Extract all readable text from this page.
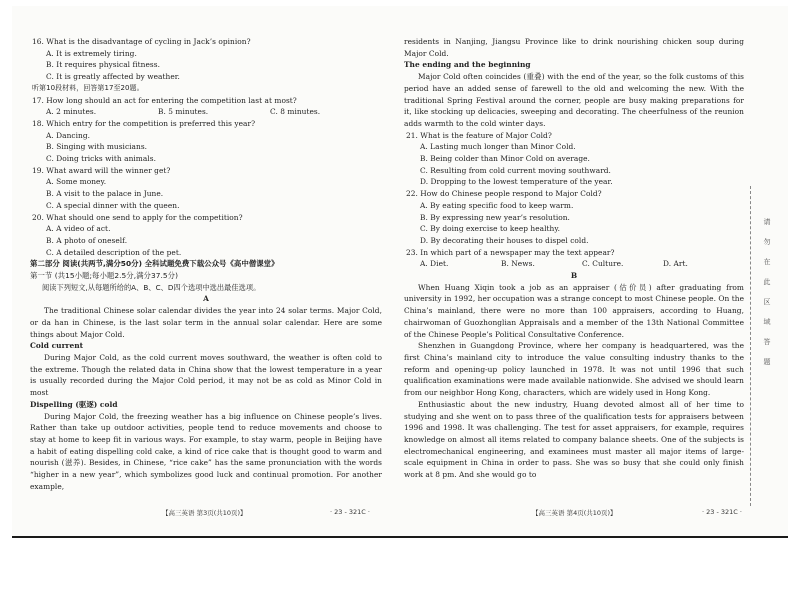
16. What is the disadvantage of cycling in Jack’s opinion?

A. It is extremely tiring.

B. It requires physical fitness.

C. It is greatly affected by weather.

听第10段材料，回答第17至20题。

17. How long should an act for entering the competition last at most?

A. 2 minutes.	B. 5 minutes.	C. 8 minutes.

18. Which entry for the competition is preferred this year?

A. Dancing.

B. Singing with musicians.

C. Doing tricks with animals.

19. What award will the winner get?

A. Some money.

B. A visit to the palace in June.

C. A special dinner with the queen.

20. What should one send to apply for the competition?

A. A video of act.

B. A photo of oneself.

C. A detailed description of the pet.

第二部分 阅读(共两节,满分50分) 全科试题免费下载公众号《高中僧课堂》

第一节 (共15小题;每小题2.5分,满分37.5分)

阅读下列短文,从每题所给的A、B、C、D四个选项中选出最佳选项。

A

The traditional Chinese solar calendar divides the year into 24 solar terms. Major Cold, or da han in Chinese, is the last solar term in the annual solar calendar. Here are some things about Major Cold.

Cold current

During Major Cold, as the cold current moves southward, the weather is often cold to the extreme. Though the related data in China show that the lowest temperature in a year is usually recorded during the Major Cold period, it may not be as cold as Minor Cold in most

Dispelling (驱逐) cold

During Major Cold, the freezing weather has a big influence on Chinese people’s lives. Rather than take up outdoor activities, people tend to reduce movements and choose to stay at home to keep fit in various ways. For example, to stay warm, people in Beijing have a habit of eating dispelling cold cake, a kind of rice cake that is thought good to warm and nourish (滋养). Besides, in Chinese, “rice cake” has the same pronunciation with the words “higher in a new year”, which symbolizes good luck and continual promotion. For another example,

residents in Nanjing, Jiangsu Province like to drink nourishing chicken soup during Major Cold.

The ending and the beginning

Major Cold often coincides (重叠) with the end of the year, so the folk customs of this period have an added sense of farewell to the old and welcoming the new. With the traditional Spring Festival around the corner, people are busy making preparations for it, like stocking up delicacies, sweeping and decorating. The cheerfulness of the reunion adds warmth to the cold winter days.

21. What is the feature of Major Cold?

A. Lasting much longer than Minor Cold.

B. Being colder than Minor Cold on average.

C. Resulting from cold current moving southward.

D. Dropping to the lowest temperature of the year.

22. How do Chinese people respond to Major Cold?

A. By eating specific food to keep warm.

B. By expressing new year’s resolution.

C. By doing exercise to keep healthy.

D. By decorating their houses to dispel cold.

23. In which part of a newspaper may the text appear?

A. Diet.	B. News.	C. Culture.	D. Art.

B

When Huang Xiqin took a job as an appraiser (估价员) after graduating from university in 1992, her occupation was a strange concept to most Chinese people. On the China’s mainland, there were no more than 100 appraisers, according to Huang, chairwoman of Guozhonglian Appraisals and a member of the 13th National Committee of the Chinese People’s Political Consultative Conference.

Shenzhen in Guangdong Province, where her company is headquartered, was the first China’s mainland city to introduce the value consulting industry thanks to the reform and opening-up policy launched in 1978. It was not until 1996 that such qualification examinations were made available nationwide. She advised we should learn from our neighbor Hong Kong, characters, which are widely used in Hong Kong.

Enthusiastic about the new industry, Huang devoted almost all of her time to studying and she went on to pass three of the qualification tests for appraisers between 1996 and 1998. It was challenging. The test for asset appraisers, for example, requires knowledge on almost all items related to company balance sheets. One of the subjects is electromechanical engineering, and examinees must master all major items of large-scale equipment in China in order to pass. She was so busy that she could only finish work at 8 pm. And she would go to

【高三英语 第3页(共10页)】	· 23 - 321C ·	【高三英语 第4页(共10页)】	· 23 - 321C ·
请
勿
在
此
区
域
答
题
